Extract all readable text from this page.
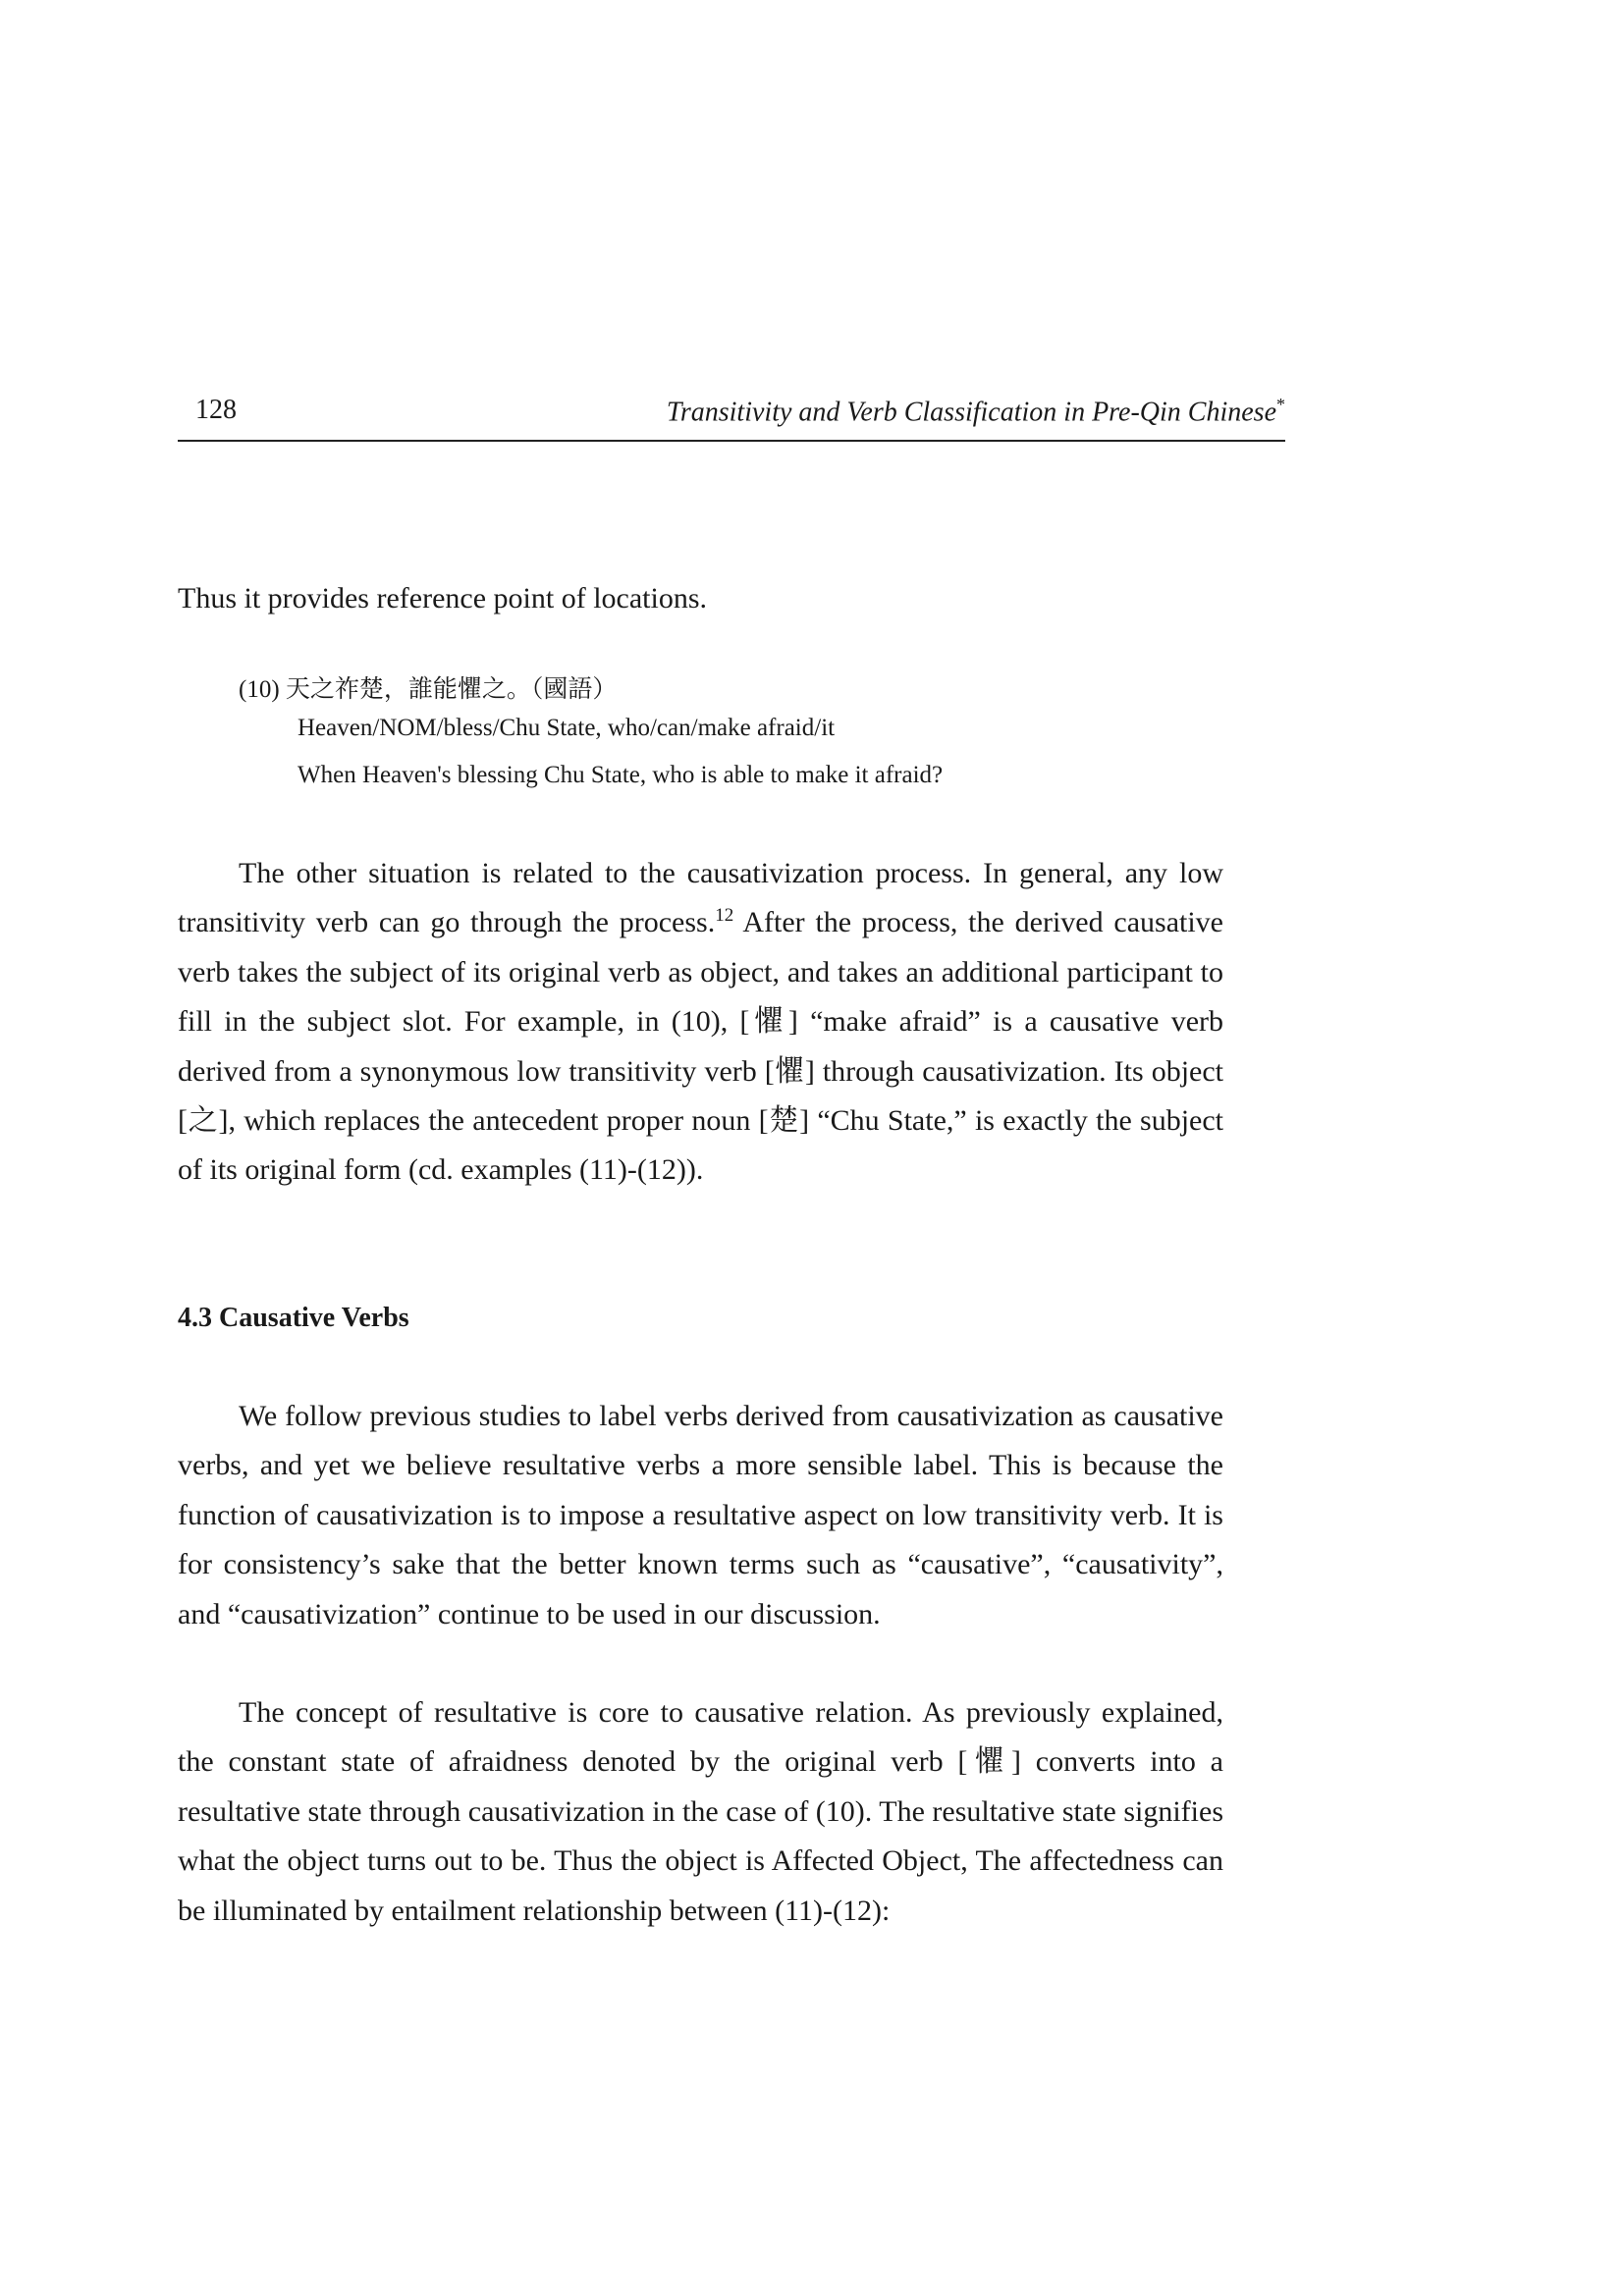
128	Transitivity and Verb Classification in Pre-Qin Chinese*

Thus it provides reference point of locations.

(10) 天之祚楚，誰能懼之。（國語）
Heaven/NOM/bless/Chu State, who/can/make afraid/it
When Heaven's blessing Chu State, who is able to make it afraid?

The other situation is related to the causativization process. In general, any low transitivity verb can go through the process.$^{12}$ After the process, the derived causative verb takes the subject of its original verb as object, and takes an additional participant to fill in the subject slot. For example, in (10), [懼] “make afraid” is a causative verb derived from a synonymous low transitivity verb [懼] through causativization. Its object [之], which replaces the antecedent proper noun [楚] “Chu State,” is exactly the subject of its original form (cd. examples (11)-(12)).

4.3 Causative Verbs

We follow previous studies to label verbs derived from causativization as causative verbs, and yet we believe resultative verbs a more sensible label. This is because the function of causativization is to impose a resultative aspect on low transitivity verb. It is for consistency’s sake that the better known terms such as “causative”, “causativity”, and “causativization” continue to be used in our discussion.

The concept of resultative is core to causative relation. As previously explained, the constant state of afraidness denoted by the original verb [懼] converts into a resultative state through causativization in the case of (10). The resultative state signifies what the object turns out to be. Thus the object is Affected Object, The affectedness can be illuminated by entailment relationship between (11)-(12):
